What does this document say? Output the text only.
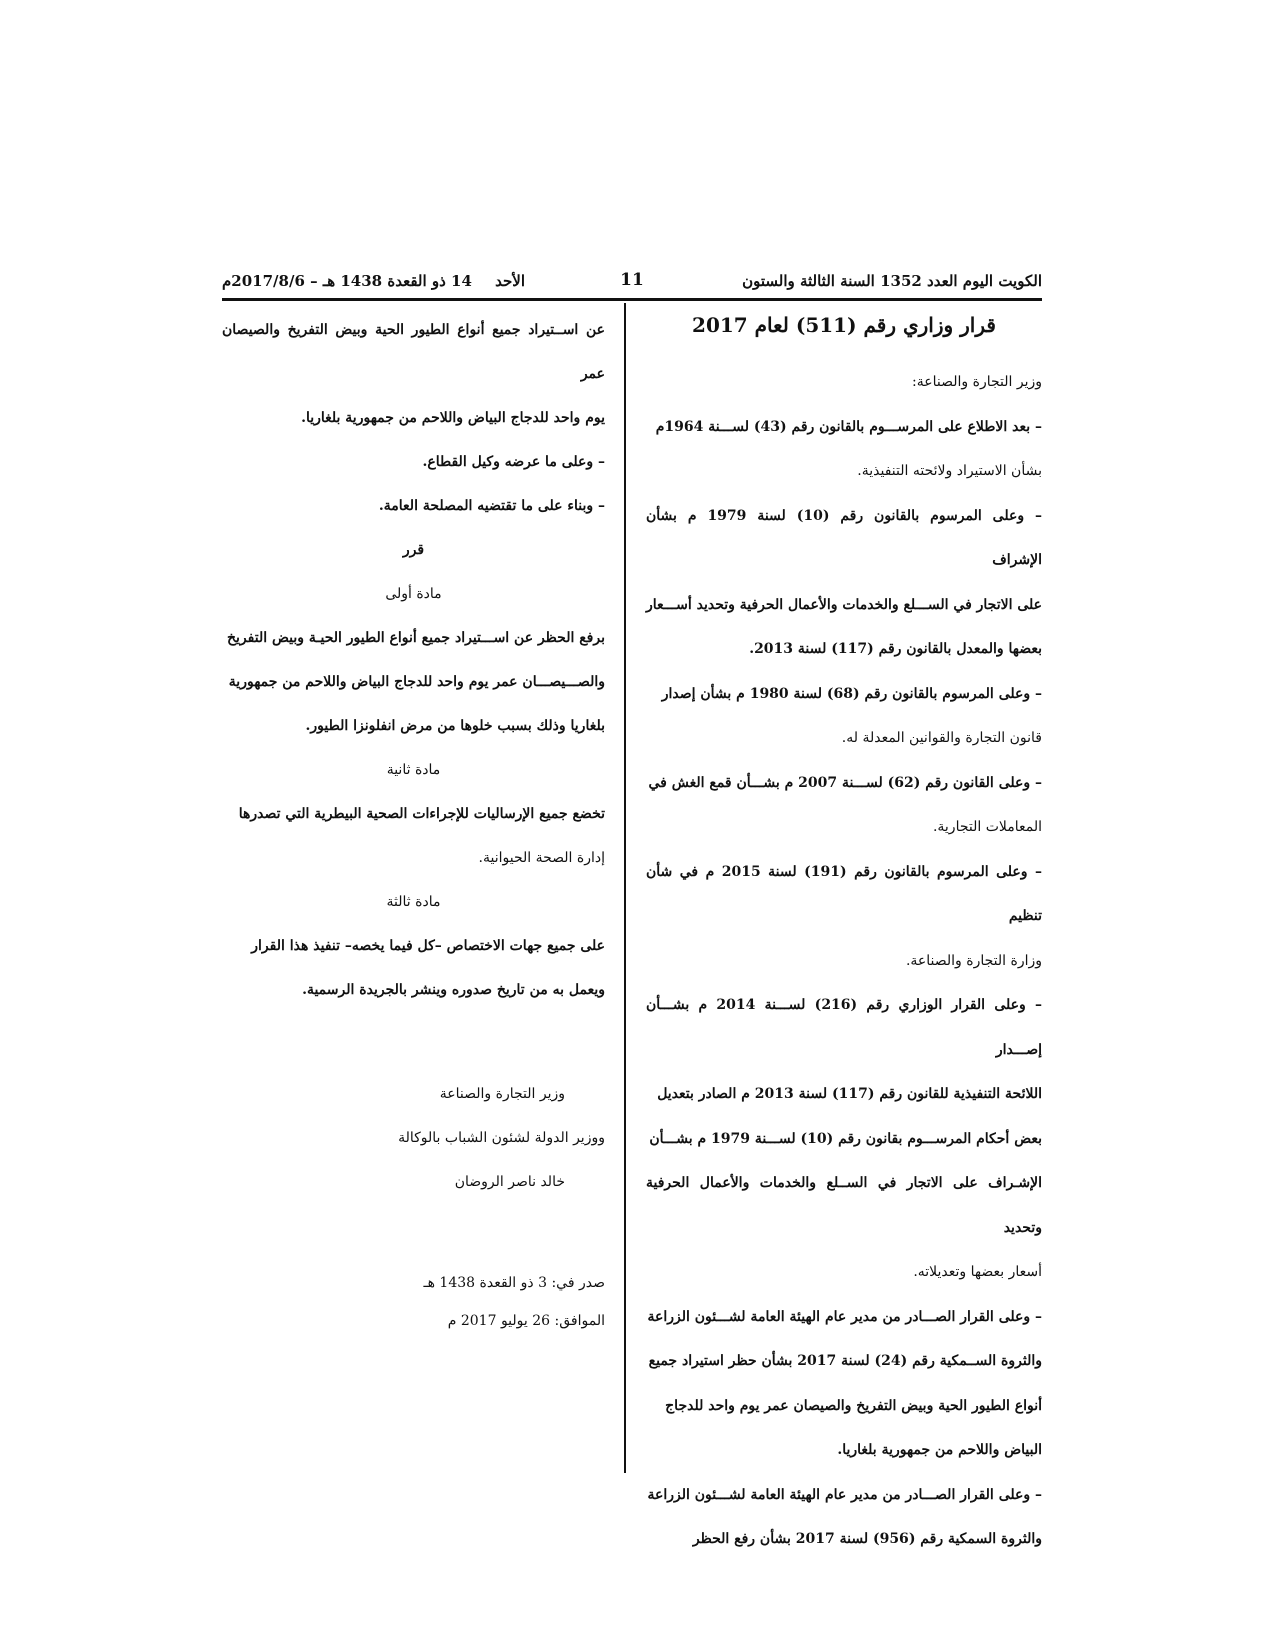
الكويت اليوم العدد 1352 السنة الثالثة والستون
11
الأحد 14 ذو القعدة 1438 هـ – 2017/8/6م
قرار وزاري رقم (511) لعام 2017

وزير التجارة والصناعة:

– بعد الاطلاع على المرســـوم بالقانون رقم (43) لســـنة 1964م

بشأن الاستيراد ولائحته التنفيذية.

– وعلى المرسوم بالقانون رقم (10) لسنة 1979 م بشأن الإشراف

على الاتجار في الســـلع والخدمات والأعمال الحرفية وتحديد أســـعار

بعضها والمعدل بالقانون رقم (117) لسنة 2013.

– وعلى المرسوم بالقانون رقم (68) لسنة 1980 م بشأن إصدار

قانون التجارة والقوانين المعدلة له.

– وعلى القانون رقم (62) لســـنة 2007 م بشـــأن قمع الغش في

المعاملات التجارية.

– وعلى المرسوم بالقانون رقم (191) لسنة 2015 م في شأن تنظيم

وزارة التجارة والصناعة.

– وعلى القرار الوزاري رقم (216) لســـنة 2014 م بشـــأن إصـــدار

اللائحة التنفيذية للقانون رقم (117) لسنة 2013 م الصادر بتعديل

بعض أحكام المرســـوم بقانون رقم (10) لســـنة 1979 م بشـــأن

الإشـراف على الاتجار في الســلع والخدمات والأعمال الحرفية وتحديد

أسعار بعضها وتعديلاته.

– وعلى القرار الصـــادر من مدير عام الهيئة العامة لشـــئون الزراعة

والثروة الســمكية رقم (24) لسنة 2017 بشأن حظر استيراد جميع

أنواع الطيور الحية وبيض التفريخ والصيصان عمر يوم واحد للدجاج

البياض واللاحم من جمهورية بلغاريا.

– وعلى القرار الصـــادر من مدير عام الهيئة العامة لشـــئون الزراعة

والثروة السمكية رقم (956) لسنة 2017 بشأن رفع الحظر

عن اســتيراد جميع أنواع الطيور الحية وبيض التفريخ والصيصان عمر

يوم واحد للدجاج البياض واللاحم من جمهورية بلغاريا.

– وعلى ما عرضه وكيل القطاع.

– وبناء على ما تقتضيه المصلحة العامة.

قرر

مادة أولى

برفع الحظر عن اســـتيراد جميع أنواع الطيور الحيـة وبيض التفريخ

والصـــيصـــان عمر يوم واحد للدجاج البياض واللاحم من جمهورية

بلغاريا وذلك بسبب خلوها من مرض انفلونزا الطيور.

مادة ثانية

تخضع جميع الإرساليات للإجراءات الصحية البيطرية التي تصدرها

إدارة الصحة الحيوانية.

مادة ثالثة

على جميع جهات الاختصاص –كل فيما يخصه– تنفيذ هذا القرار

ويعمل به من تاريخ صدوره وينشر بالجريدة الرسمية.

وزير التجارة والصناعة

ووزير الدولة لشئون الشباب بالوكالة

خالد ناصر الروضان

صدر في: 3 ذو القعدة 1438 هـ

الموافق: 26 يوليو 2017 م
